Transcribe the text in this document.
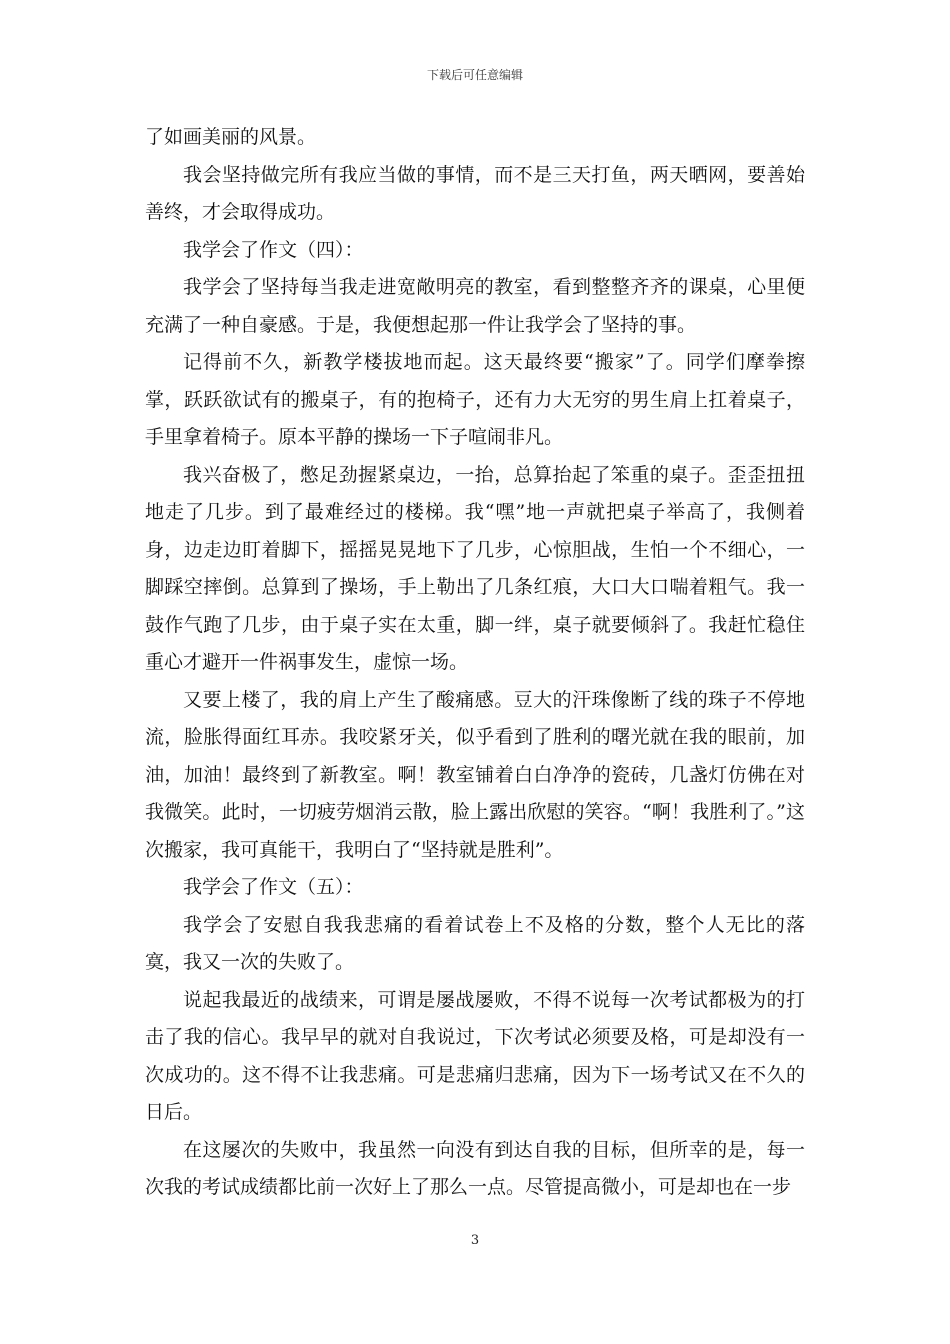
下载后可任意编辑

了如画美丽的风景。

我会坚持做完所有我应当做的事情，而不是三天打鱼，两天晒网，要善始善终，才会取得成功。

我学会了作文（四）：

我学会了坚持每当我走进宽敞明亮的教室，看到整整齐齐的课桌，心里便充满了一种自豪感。于是，我便想起那一件让我学会了坚持的事。

记得前不久，新教学楼拔地而起。这天最终要“搬家”了。同学们摩拳擦掌，跃跃欲试有的搬桌子，有的抱椅子，还有力大无穷的男生肩上扛着桌子，手里拿着椅子。原本平静的操场一下子喧闹非凡。

我兴奋极了，憋足劲握紧桌边，一抬，总算抬起了笨重的桌子。歪歪扭扭地走了几步。到了最难经过的楼梯。我“嘿”地一声就把桌子举高了，我侧着身，边走边盯着脚下，摇摇晃晃地下了几步，心惊胆战，生怕一个不细心，一脚踩空摔倒。总算到了操场，手上勒出了几条红痕，大口大口喘着粗气。我一鼓作气跑了几步，由于桌子实在太重，脚一绊，桌子就要倾斜了。我赶忙稳住重心才避开一件祸事发生，虚惊一场。

又要上楼了，我的肩上产生了酸痛感。豆大的汗珠像断了线的珠子不停地流，脸胀得面红耳赤。我咬紧牙关，似乎看到了胜利的曙光就在我的眼前，加油，加油！最终到了新教室。啊！教室铺着白白净净的瓷砖，几盏灯仿佛在对我微笑。此时，一切疲劳烟消云散，脸上露出欣慰的笑容。“啊！我胜利了。”这次搬家，我可真能干，我明白了“坚持就是胜利”。

我学会了作文（五）：

我学会了安慰自我我悲痛的看着试卷上不及格的分数，整个人无比的落寞，我又一次的失败了。

说起我最近的战绩来，可谓是屡战屡败，不得不说每一次考试都极为的打击了我的信心。我早早的就对自我说过，下次考试必须要及格，可是却没有一次成功的。这不得不让我悲痛。可是悲痛归悲痛，因为下一场考试又在不久的日后。

在这屡次的失败中，我虽然一向没有到达自我的目标，但所幸的是，每一次我的考试成绩都比前一次好上了那么一点。尽管提高微小，可是却也在一步

3
